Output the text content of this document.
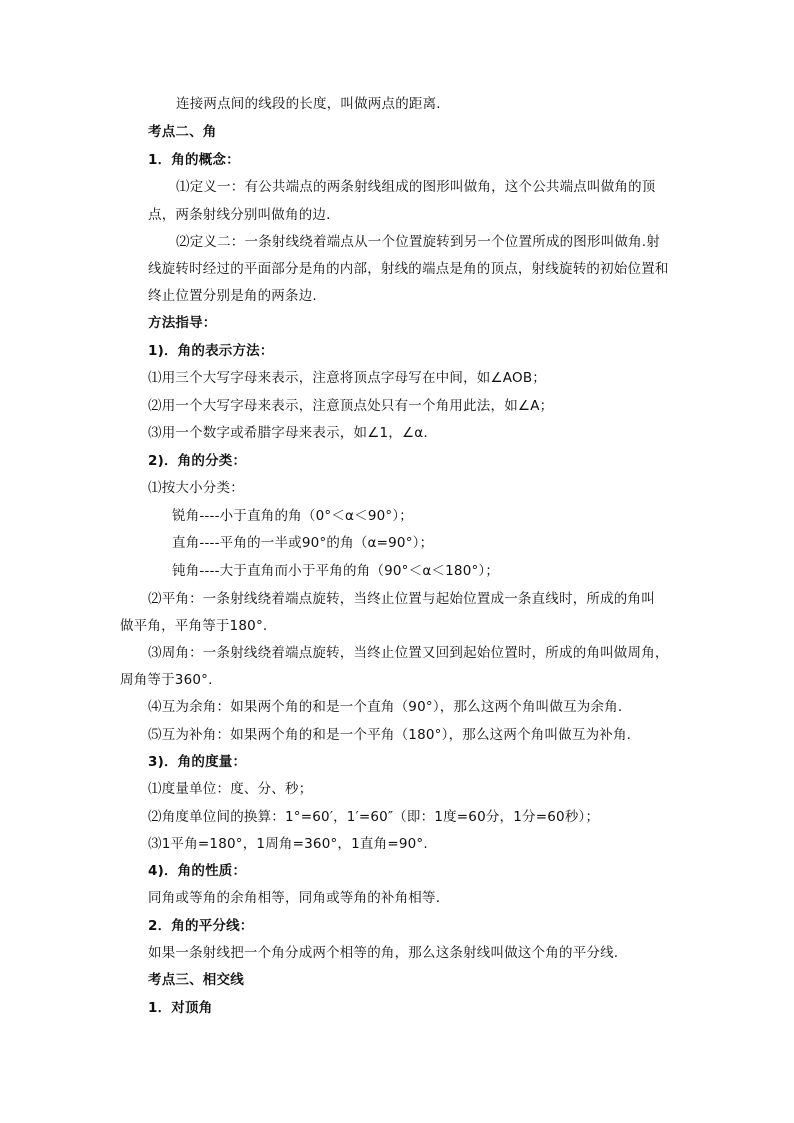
连接两点间的线段的长度，叫做两点的距离.
考点二、角
1．角的概念：
⑴定义一：有公共端点的两条射线组成的图形叫做角，这个公共端点叫做角的顶
点，两条射线分别叫做角的边.
⑵定义二：一条射线绕着端点从一个位置旋转到另一个位置所成的图形叫做角.射
线旋转时经过的平面部分是角的内部，射线的端点是角的顶点，射线旋转的初始位置和
终止位置分别是角的两条边.
方法指导：
1)．角的表示方法：
⑴用三个大写字母来表示，注意将顶点字母写在中间，如∠AOB；
⑵用一个大写字母来表示，注意顶点处只有一个角用此法，如∠A；
⑶用一个数字或希腊字母来表示，如∠1，∠α.
2)．角的分类：
⑴按大小分类：
锐角----小于直角的角（0°＜α＜90°）；
直角----平角的一半或90°的角（α=90°）；
钝角----大于直角而小于平角的角（90°＜α＜180°）；
⑵平角：一条射线绕着端点旋转，当终止位置与起始位置成一条直线时，所成的角叫
做平角，平角等于180°.
⑶周角：一条射线绕着端点旋转，当终止位置又回到起始位置时，所成的角叫做周角，
周角等于360°.
⑷互为余角：如果两个角的和是一个直角（90°），那么这两个角叫做互为余角.
⑸互为补角：如果两个角的和是一个平角（180°），那么这两个角叫做互为补角.
3)．角的度量：
⑴度量单位：度、分、秒；
⑵角度单位间的换算：1°=60′，1′=60″（即：1度=60分，1分=60秒）；
⑶1平角=180°，1周角=360°，1直角=90°.
4)．角的性质：
同角或等角的余角相等，同角或等角的补角相等.
2．角的平分线：
如果一条射线把一个角分成两个相等的角，那么这条射线叫做这个角的平分线.
考点三、相交线
1．对顶角
